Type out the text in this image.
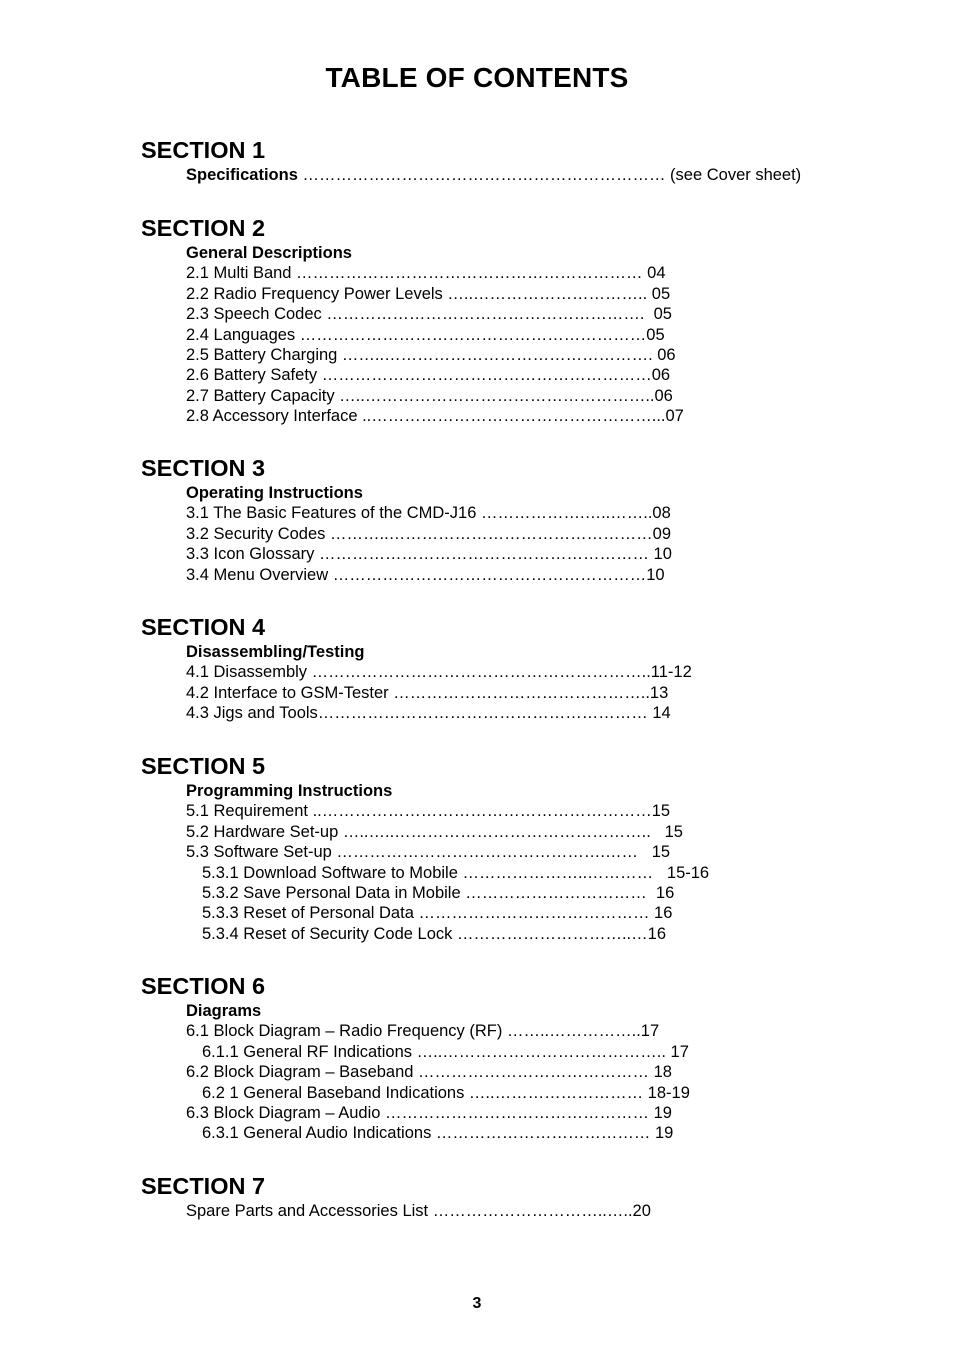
TABLE OF CONTENTS
SECTION 1
Specifications ………………………………………………………… (see Cover sheet)
SECTION 2
General Descriptions
2.1 Multi Band ……………………………………………………… 04
2.2 Radio Frequency Power Levels …..………………………….. 05
2.3 Speech Codec ………………………………………………….  05
2.4 Languages ………………………………………………………05
2.5 Battery Charging ……..…………………………………………. 06
2.6 Battery Safety ……………………………………………………06
2.7 Battery Capacity …..……………………………………………..06
2.8 Accessory Interface ..……………………………………………...07
SECTION 3
Operating Instructions
3.1 The Basic Features of the CMD-J16 ……………….…..……..08
3.2 Security Codes ………..…………………………………………09
3.3 Icon Glossary …………………………………………………… 10
3.4 Menu Overview …………………………………………………10
SECTION 4
Disassembling/Testing
4.1 Disassembly ……………………………………………………..11-12
4.2 Interface to GSM-Tester ………………………………………..13
4.3 Jigs and Tools…………………………………………………… 14
SECTION 5
Programming Instructions
5.1 Requirement ..……………………………………………………15
5.2 Hardware Set-up …..…..………………………………………..   15
5.3 Software Set-up ………………………………………….……   15
5.3.1 Download Software to Mobile …………………..…………   15-16
5.3.2 Save Personal Data in Mobile ……………………………  16
5.3.3 Reset of Personal Data …………………………………… 16
5.3.4 Reset of Security Code Lock …………………………..…16
SECTION 6
Diagrams
6.1 Block Diagram – Radio Frequency (RF) ……..……………..17
6.1.1 General RF Indications …..………………………………….. 17
6.2 Block Diagram – Baseband …………………………………… 18
6.2 1 General Baseband Indications …..……………………… 18-19
6.3 Block Diagram – Audio ………………………………………… 19
6.3.1 General Audio Indications ………………………………… 19
SECTION 7
Spare Parts and Accessories List …………………………..…..20
3
